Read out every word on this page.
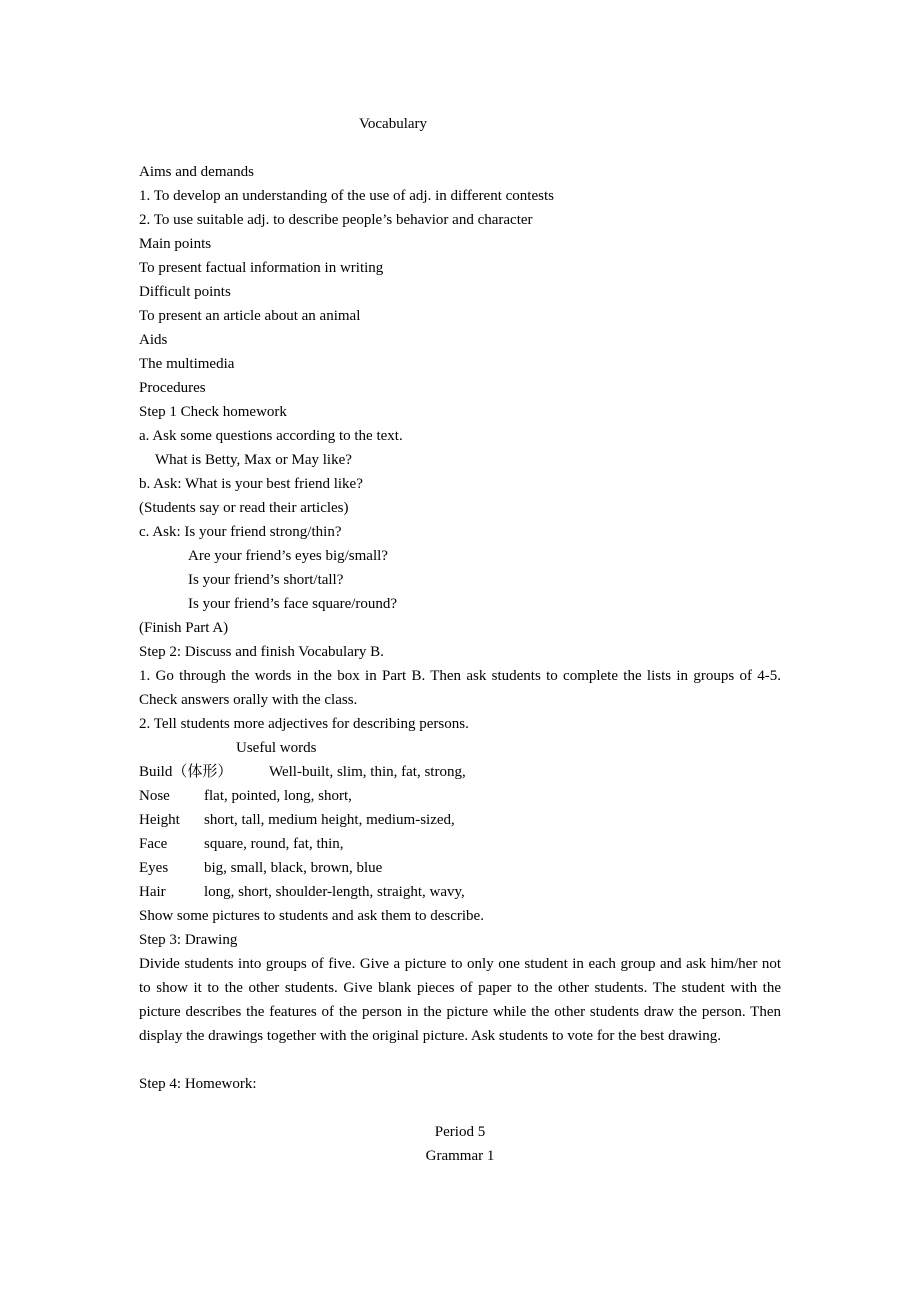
Vocabulary
Aims and demands
1. To develop an understanding of the use of adj. in different contests
2. To use suitable adj. to describe people’s behavior and character
Main points
To present factual information in writing
Difficult points
To present an article about an animal
Aids
The multimedia
Procedures
Step 1 Check homework
a. Ask some questions according to the text.
What is Betty, Max or May like?
b. Ask: What is your best friend like?
(Students say or read their articles)
c. Ask: Is your friend strong/thin?
Are your friend’s eyes big/small?
Is your friend’s short/tall?
Is your friend’s face square/round?
(Finish Part A)
Step 2: Discuss and finish Vocabulary B.
1. Go through the words in the box in Part B. Then ask students to complete the lists in groups of 4-5. Check answers orally with the class.
2. Tell students more adjectives for describing persons.
Useful words
Build（体形） Well-built, slim, thin, fat, strong,
Nose flat, pointed, long, short,
Height short, tall, medium height, medium-sized,
Face square, round, fat, thin,
Eyes big, small, black, brown, blue
Hair	long, short, shoulder-length, straight, wavy,
Show some pictures to students and ask them to describe.
Step 3: Drawing
Divide students into groups of five. Give a picture to only one student in each group and ask him/her not to show it to the other students. Give blank pieces of paper to the other students. The student with the picture describes the features of the person in the picture while the other students draw the person. Then display the drawings together with the original picture. Ask students to vote for the best drawing.
Step 4: Homework:
Period 5
Grammar 1
